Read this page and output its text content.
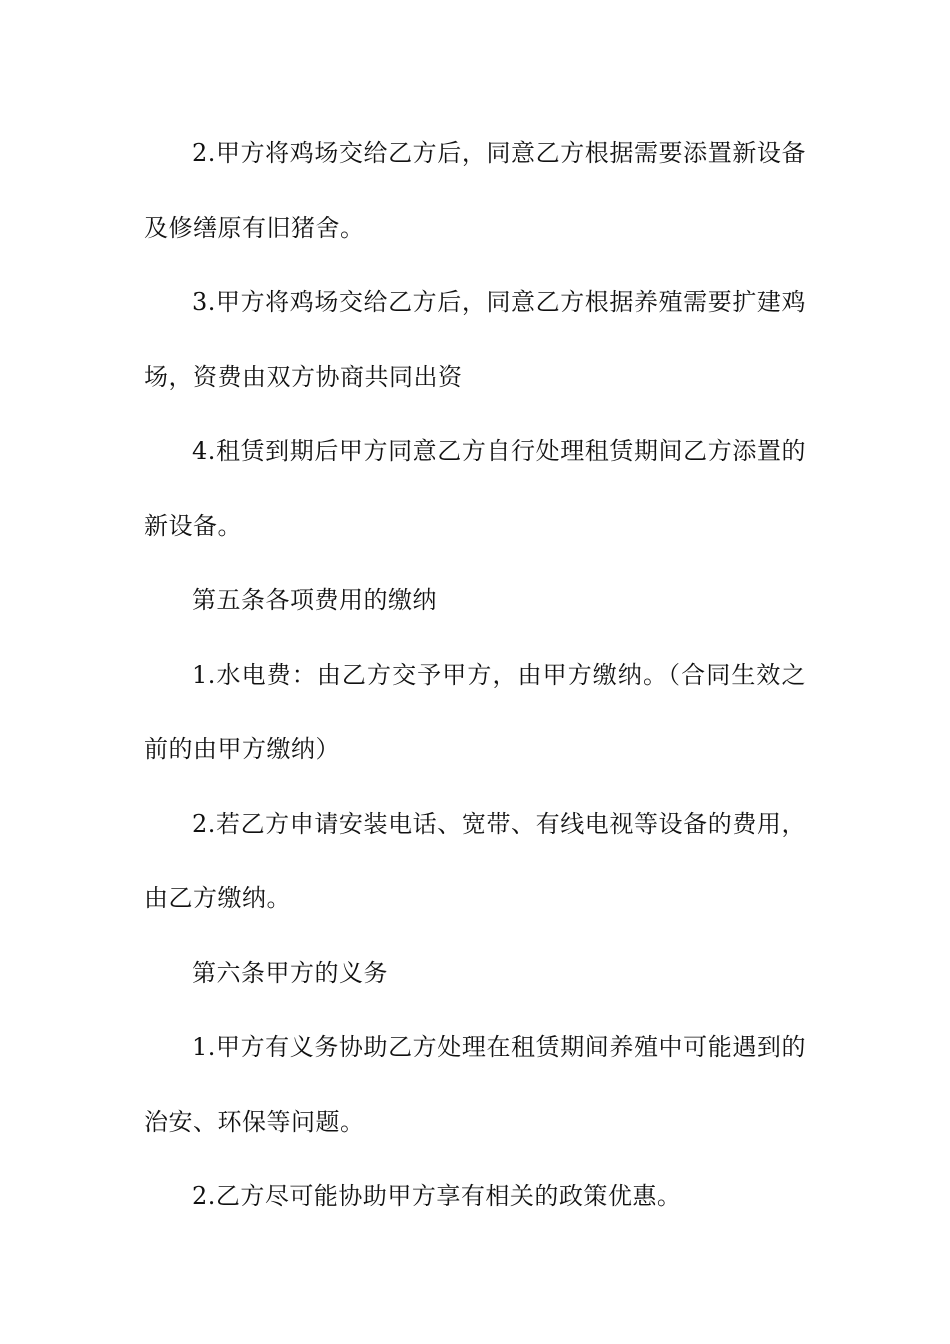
2.甲方将鸡场交给乙方后，同意乙方根据需要添置新设备及修缮原有旧猪舍。

3.甲方将鸡场交给乙方后，同意乙方根据养殖需要扩建鸡场，资费由双方协商共同出资

4.租赁到期后甲方同意乙方自行处理租赁期间乙方添置的新设备。

第五条各项费用的缴纳

1.水电费：由乙方交予甲方，由甲方缴纳。（合同生效之前的由甲方缴纳）

2.若乙方申请安装电话、宽带、有线电视等设备的费用，由乙方缴纳。

第六条甲方的义务

1.甲方有义务协助乙方处理在租赁期间养殖中可能遇到的治安、环保等问题。

2.乙方尽可能协助甲方享有相关的政策优惠。
